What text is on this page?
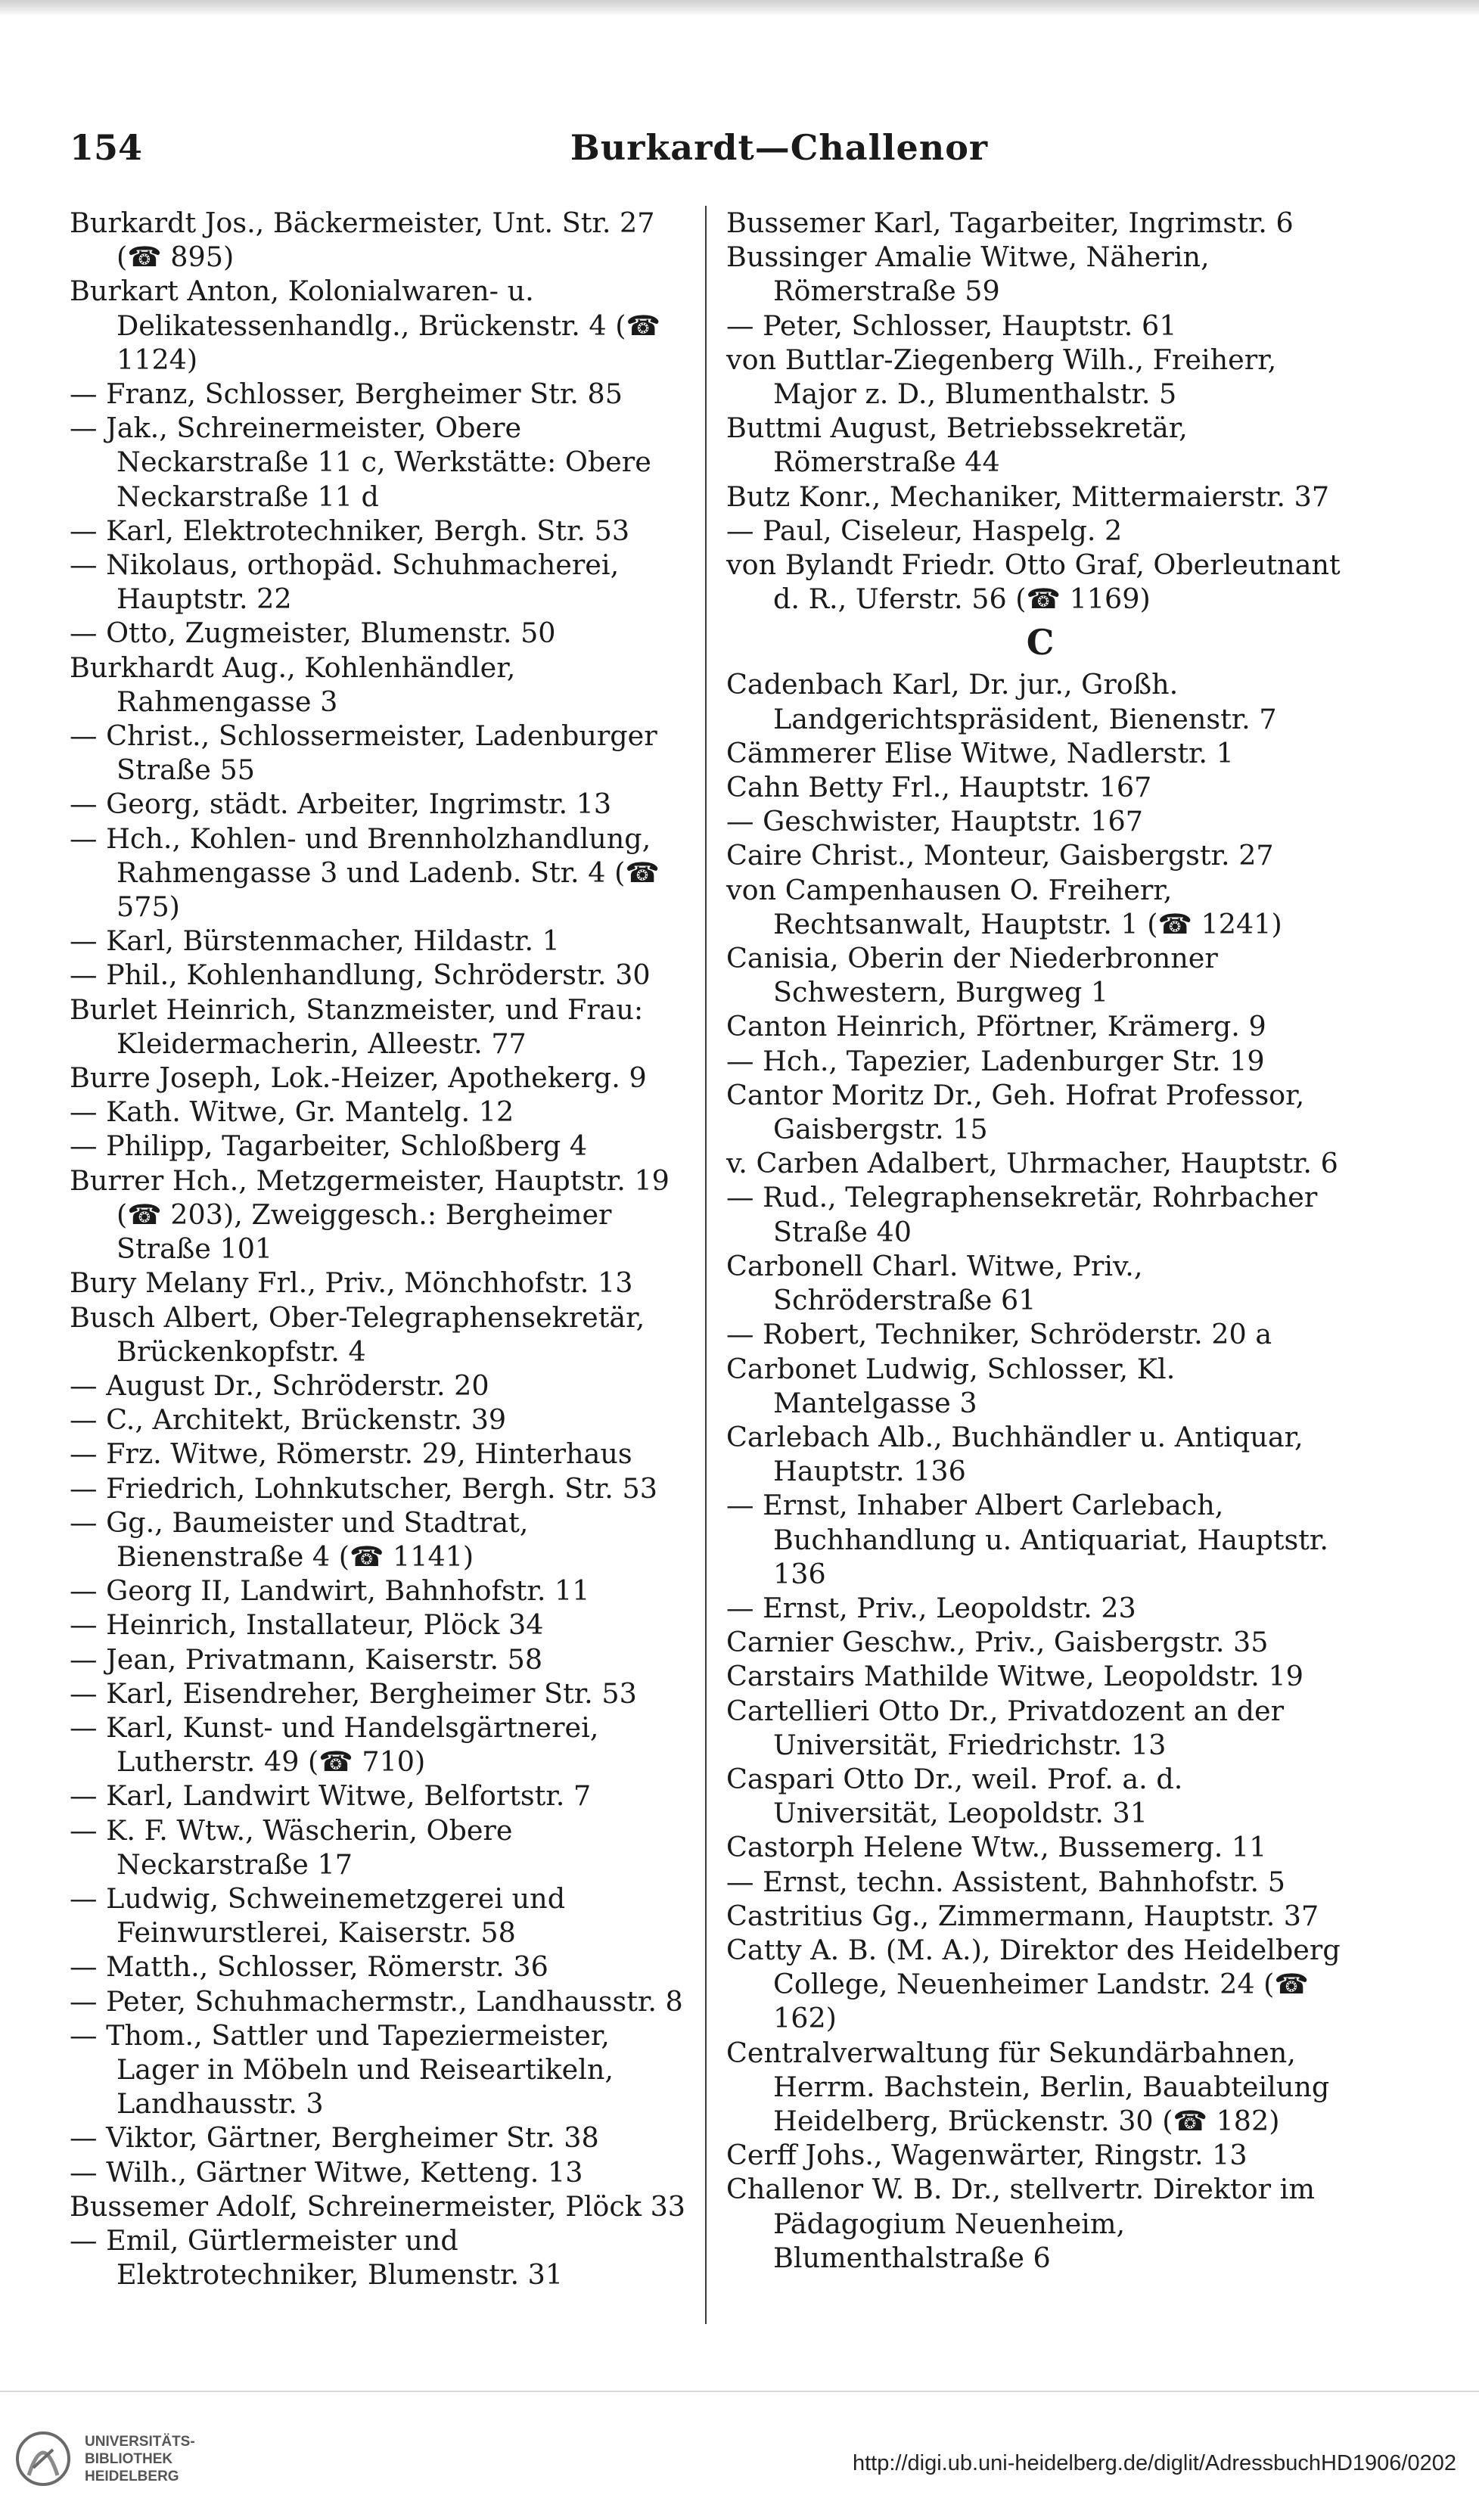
154	Burkardt—Challenor
Burkardt Jos., Bäckermeister, Unt. Str. 27 (☎ 895)
Burkart Anton, Kolonialwaren- u. Delikatessenhandlg., Brückenstr. 4 (☎ 1124)
— Franz, Schlosser, Bergheimer Str. 85
— Jak., Schreinermeister, Obere Neckarstraße 11 c, Werkstätte: Obere Neckarstraße 11 d
— Karl, Elektrotechniker, Bergh. Str. 53
— Nikolaus, orthopäd. Schuhmacherei, Hauptstr. 22
— Otto, Zugmeister, Blumenstr. 50
Burkhardt Aug., Kohlenhändler, Rahmengasse 3
— Christ., Schlossermeister, Ladenburger Straße 55
— Georg, städt. Arbeiter, Ingrimstr. 13
— Hch., Kohlen- und Brennholzhandlung, Rahmengasse 3 und Ladenb. Str. 4 (☎ 575)
— Karl, Bürstenmacher, Hildastr. 1
— Phil., Kohlenhandlung, Schröderstr. 30
Burlet Heinrich, Stanzmeister, und Frau: Kleidermacherin, Alleestr. 77
Burre Joseph, Lok.-Heizer, Apothekerg. 9
— Kath. Witwe, Gr. Mantelg. 12
— Philipp, Tagarbeiter, Schloßberg 4
Burrer Hch., Metzgermeister, Hauptstr. 19 (☎ 203), Zweiggesch.: Bergheimer Straße 101
Bury Melany Frl., Priv., Mönchhofstr. 13
Busch Albert, Ober-Telegraphensekretär, Brückenkopfstr. 4
— August Dr., Schröderstr. 20
— C., Architekt, Brückenstr. 39
— Frz. Witwe, Römerstr. 29, Hinterhaus
— Friedrich, Lohnkutscher, Bergh. Str. 53
— Gg., Baumeister und Stadtrat, Bienenstraße 4 (☎ 1141)
— Georg II, Landwirt, Bahnhofstr. 11
— Heinrich, Installateur, Plöck 34
— Jean, Privatmann, Kaiserstr. 58
— Karl, Eisendreher, Bergheimer Str. 53
— Karl, Kunst- und Handelsgärtnerei, Lutherstr. 49 (☎ 710)
— Karl, Landwirt Witwe, Belfortstr. 7
— K. F. Wtw., Wäscherin, Obere Neckarstraße 17
— Ludwig, Schweinemetzgerei und Feinwurstlerei, Kaiserstr. 58
— Matth., Schlosser, Römerstr. 36
— Peter, Schuhmachermstr., Landhausstr. 8
— Thom., Sattler und Tapeziermeister, Lager in Möbeln und Reiseartikeln, Landhausstr. 3
— Viktor, Gärtner, Bergheimer Str. 38
— Wilh., Gärtner Witwe, Ketteng. 13
Bussemer Adolf, Schreinermeister, Plöck 33
— Emil, Gürtlermeister und Elektrotechniker, Blumenstr. 31
Bussemer Karl, Tagarbeiter, Ingrimstr. 6
Bussinger Amalie Witwe, Näherin, Römerstraße 59
— Peter, Schlosser, Hauptstr. 61
von Buttlar-Ziegenberg Wilh., Freiherr, Major z. D., Blumenthalstr. 5
Buttmi August, Betriebssekretär, Römerstraße 44
Butz Konr., Mechaniker, Mittermaierstr. 37
— Paul, Ciseleur, Haspelg. 2
von Bylandt Friedr. Otto Graf, Oberleutnant d. R., Uferstr. 56 (☎ 1169)
C
Cadenbach Karl, Dr. jur., Großh. Landgerichtspräsident, Bienenstr. 7
Cämmerer Elise Witwe, Nadlerstr. 1
Cahn Betty Frl., Hauptstr. 167
— Geschwister, Hauptstr. 167
Caire Christ., Monteur, Gaisbergstr. 27
von Campenhausen O. Freiherr, Rechtsanwalt, Hauptstr. 1 (☎ 1241)
Canisia, Oberin der Niederbronner Schwestern, Burgweg 1
Canton Heinrich, Pförtner, Krämerg. 9
— Hch., Tapezier, Ladenburger Str. 19
Cantor Moritz Dr., Geh. Hofrat Professor, Gaisbergstr. 15
v. Carben Adalbert, Uhrmacher, Hauptstr. 6
— Rud., Telegraphensekretär, Rohrbacher Straße 40
Carbonell Charl. Witwe, Priv., Schröderstraße 61
— Robert, Techniker, Schröderstr. 20 a
Carbonet Ludwig, Schlosser, Kl. Mantelgasse 3
Carlebach Alb., Buchhändler u. Antiquar, Hauptstr. 136
— Ernst, Inhaber Albert Carlebach, Buchhandlung u. Antiquariat, Hauptstr. 136
— Ernst, Priv., Leopoldstr. 23
Carnier Geschw., Priv., Gaisbergstr. 35
Carstairs Mathilde Witwe, Leopoldstr. 19
Cartellieri Otto Dr., Privatdozent an der Universität, Friedrichstr. 13
Caspari Otto Dr., weil. Prof. a. d. Universität, Leopoldstr. 31
Castorph Helene Wtw., Bussemerg. 11
— Ernst, techn. Assistent, Bahnhofstr. 5
Castritius Gg., Zimmermann, Hauptstr. 37
Catty A. B. (M. A.), Direktor des Heidelberg College, Neuenheimer Landstr. 24 (☎ 162)
Centralverwaltung für Sekundärbahnen, Herrm. Bachstein, Berlin, Bauabteilung Heidelberg, Brückenstr. 30 (☎ 182)
Cerff Johs., Wagenwärter, Ringstr. 13
Challenor W. B. Dr., stellvertr. Direktor im Pädagogium Neuenheim, Blumenthalstraße 6
UNIVERSITÄTS-
BIBLIOTHEK
HEIDELBERG
http://digi.ub.uni-heidelberg.de/diglit/AdressbuchHD1906/0202
